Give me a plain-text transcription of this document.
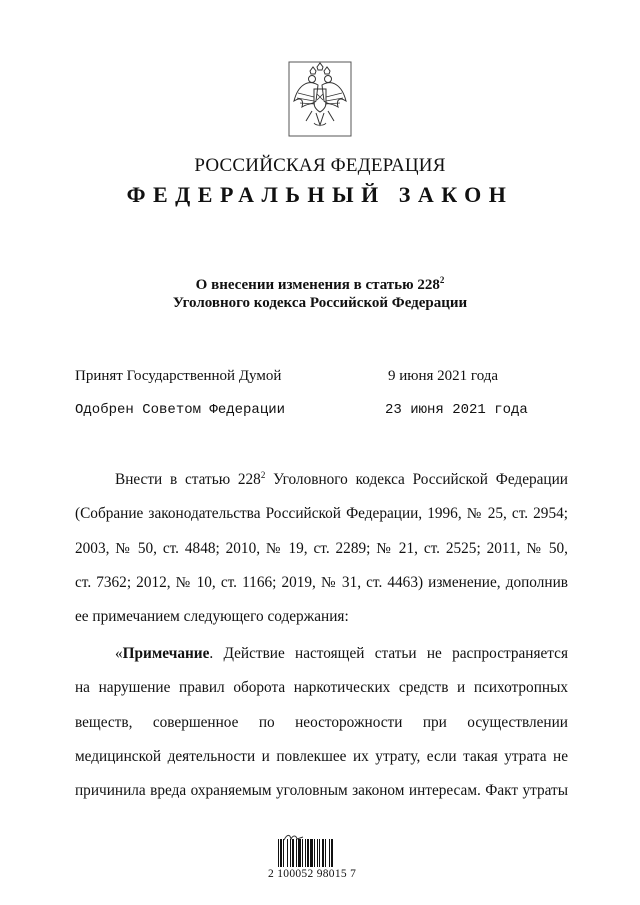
РОССИЙСКАЯ ФЕДЕРАЦИЯ
ФЕДЕРАЛЬНЫЙ ЗАКОН
О внесении изменения в статью $228^2$
Уголовного кодекса Российской Федерации
Принят Государственной Думой	9 июня 2021 года
Одобрен Советом Федерации	23 июня 2021 года
Внести в статью $228^2$ Уголовного кодекса Российской Федерации
(Собрание законодательства Российской Федерации, 1996, № 25, ст. 2954;
2003, № 50, ст. 4848; 2010, № 19, ст. 2289; № 21, ст. 2525; 2011, № 50,
ст. 7362; 2012, № 10, ст. 1166; 2019, № 31, ст. 4463) изменение, дополнив
ее примечанием следующего содержания:
«Примечание. Действие настоящей статьи не распространяется
на нарушение правил оборота наркотических средств и психотропных
веществ, совершенное по неосторожности при осуществлении
медицинской деятельности и повлекшее их утрату, если такая утрата не
причинила вреда охраняемым уголовным законом интересам. Факт утраты
2 100052 98015 7
